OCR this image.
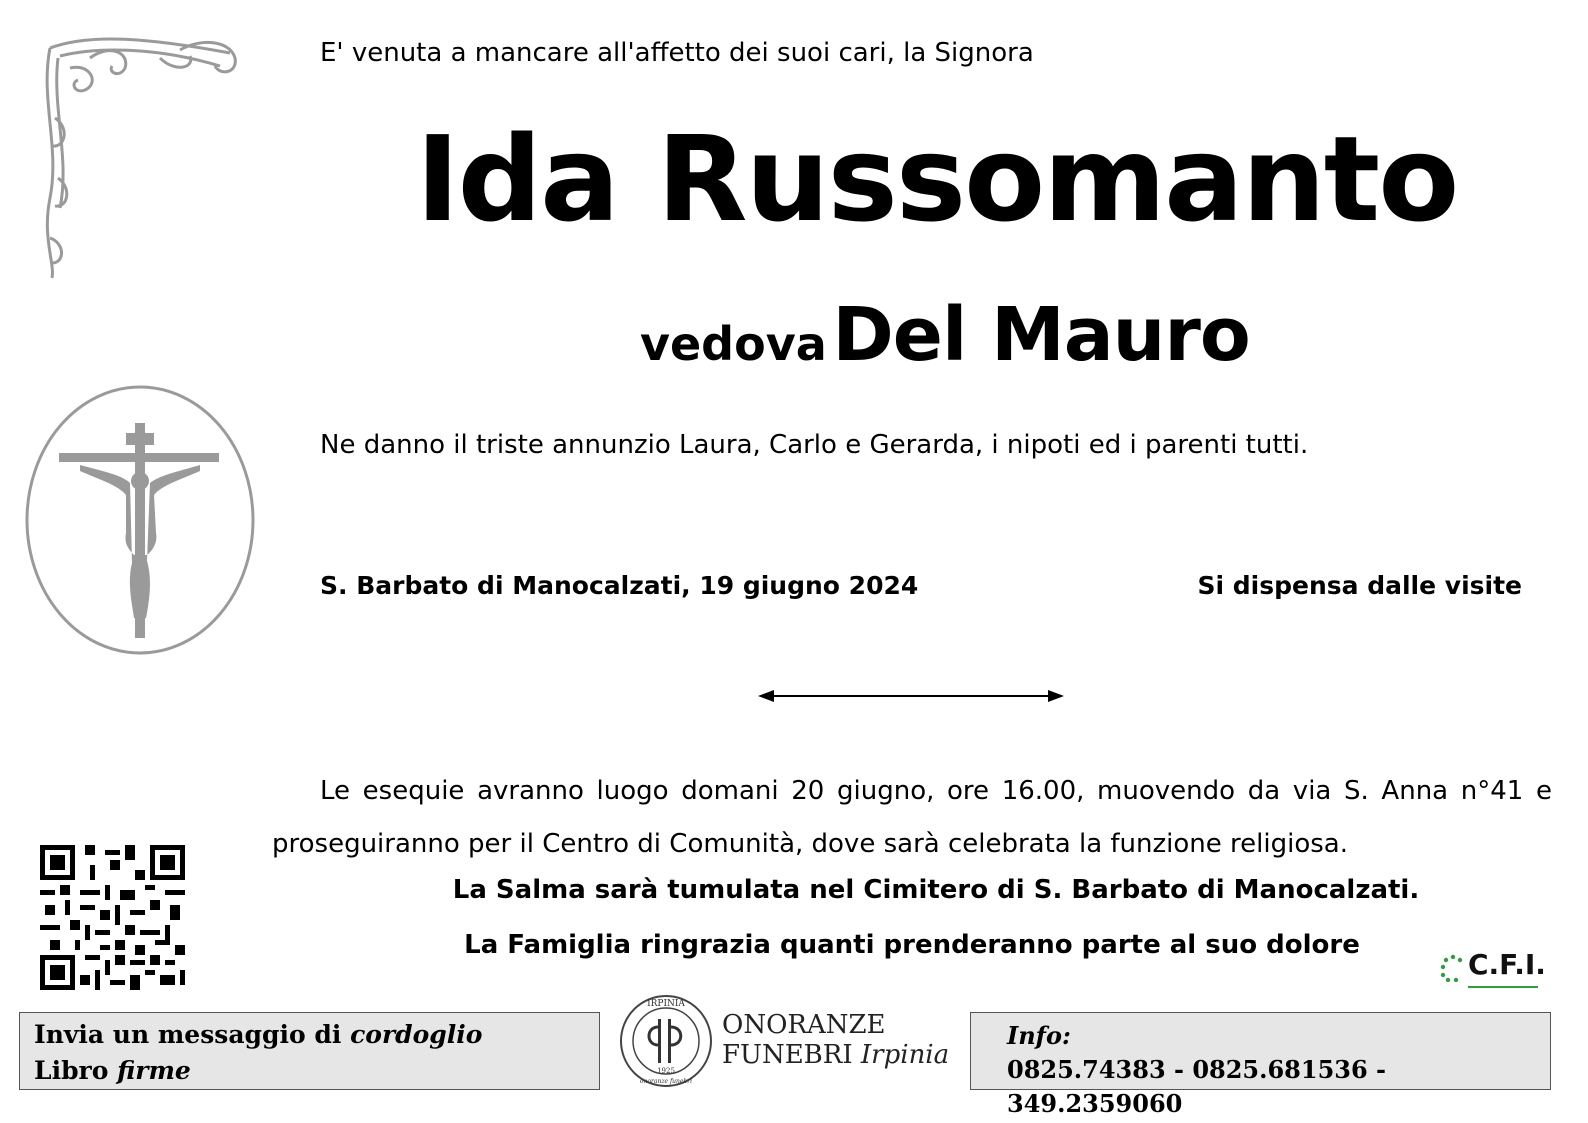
E' venuta a mancare all'affetto dei suoi cari, la Signora
Ida Russomanto
vedova Del Mauro
Ne danno il triste annunzio Laura, Carlo e Gerarda, i nipoti ed i parenti tutti.
S. Barbato di Manocalzati, 19 giugno 2024	Si dispensa dalle visite
Le esequie avranno luogo domani 20 giugno, ore 16.00, muovendo da via S. Anna n°41 e proseguiranno per il Centro di Comunità, dove sarà celebrata la funzione religiosa.
La Salma sarà tumulata nel Cimitero di S. Barbato di Manocalzati.
La Famiglia ringrazia quanti prenderanno parte al suo dolore
C.F.I.
Invia un messaggio di cordoglio
Libro firme
IRPINIA
1925
onoranze funebri
ONORANZE
FUNEBRI Irpinia
Info:
0825.74383 - 0825.681536 - 349.2359060
